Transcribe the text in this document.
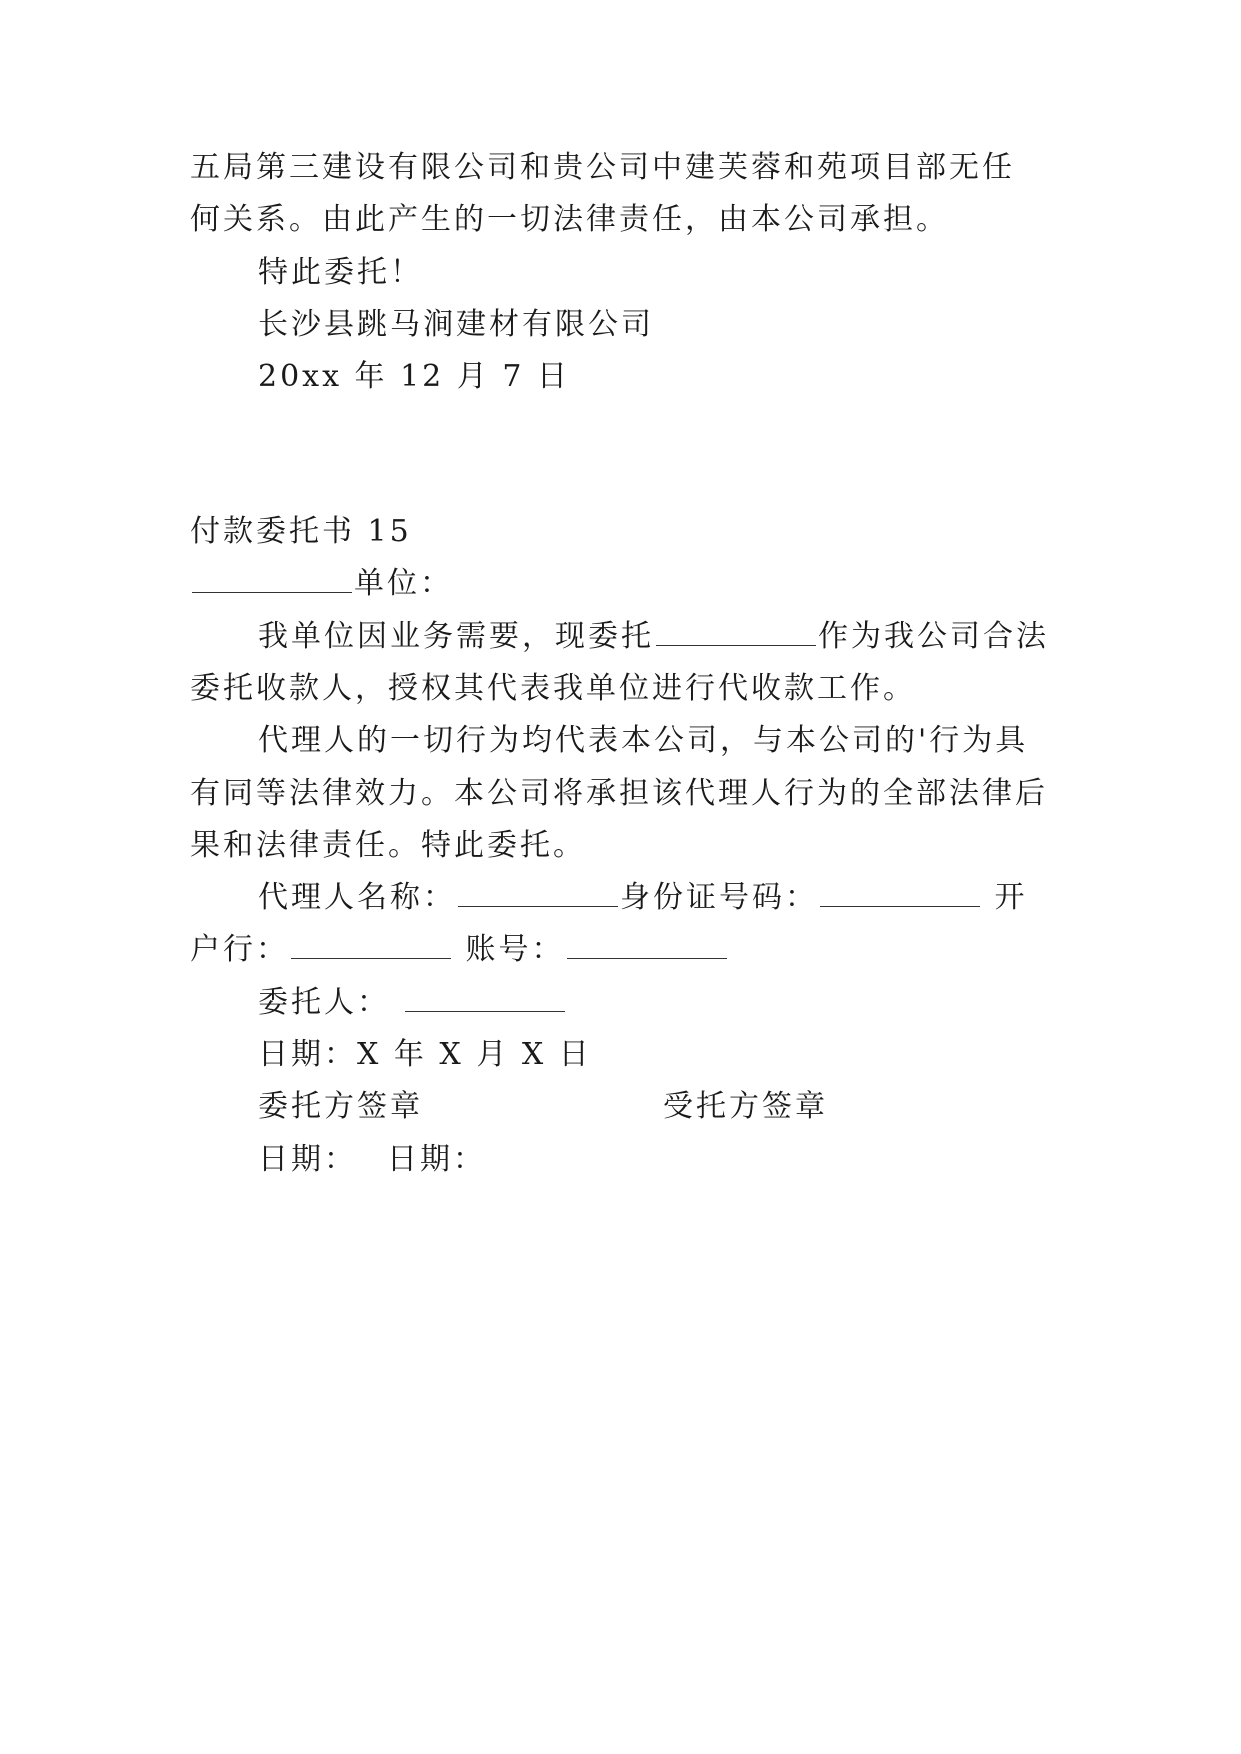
五局第三建设有限公司和贵公司中建芙蓉和苑项目部无任
何关系。由此产生的一切法律责任，由本公司承担。
特此委托！
长沙县跳马涧建材有限公司
20xx 年 12 月 7 日
付款委托书 15
单位：
我单位因业务需要，现委托	作为我公司合法
委托收款人，授权其代表我单位进行代收款工作。
代理人的一切行为均代表本公司，与本公司的'行为具
有同等法律效力。本公司将承担该代理人行为的全部法律后
果和法律责任。特此委托。
代理人名称：	身份证号码：	开
户行：	账号：
委托人：
日期：X 年 X 月 X 日
委托方签章	受托方签章
日期： 日期：
